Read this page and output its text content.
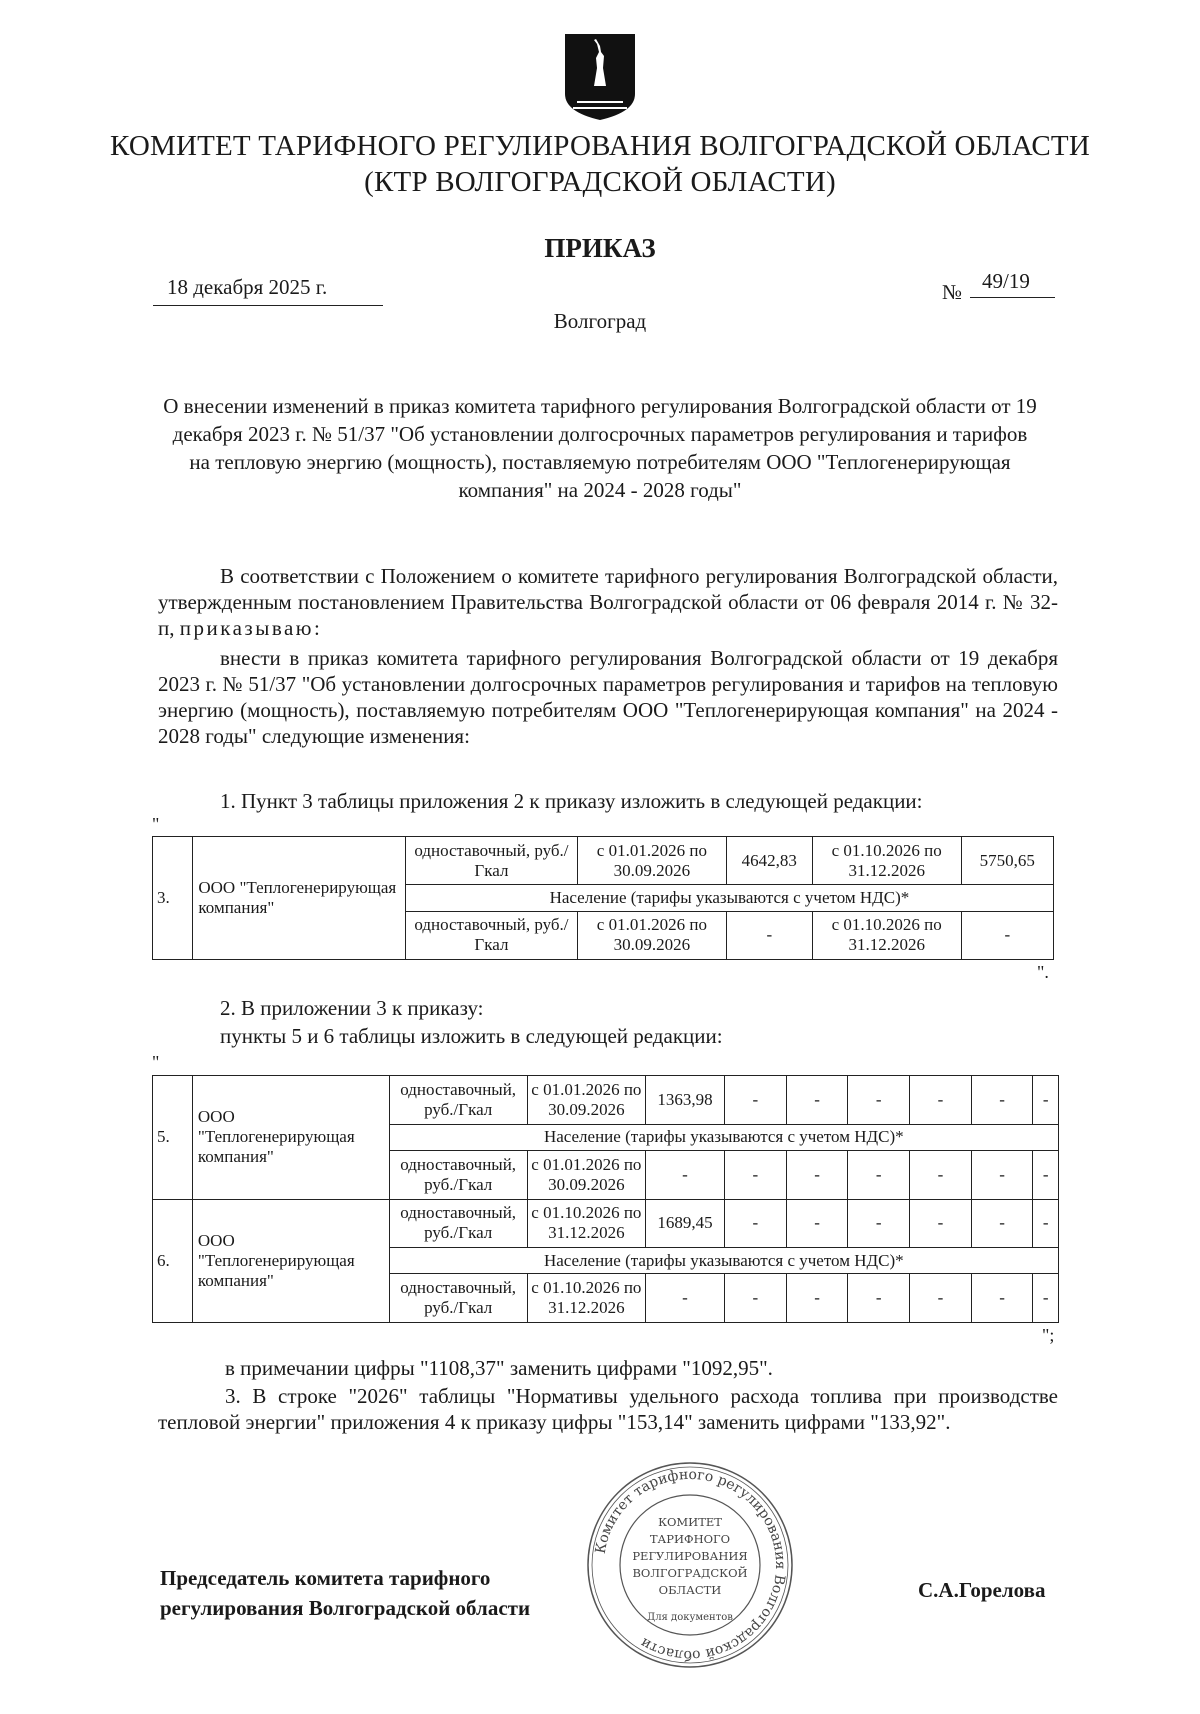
КОМИТЕТ ТАРИФНОГО РЕГУЛИРОВАНИЯ ВОЛГОГРАДСКОЙ ОБЛАСТИ
(КТР ВОЛГОГРАДСКОЙ ОБЛАСТИ)
ПРИКАЗ
18 декабря 2025 г.	№ 49/19
Волгоград
О внесении изменений в приказ комитета тарифного регулирования Волгоградской области от 19 декабря 2023 г. № 51/37 "Об установлении долгосрочных параметров регулирования и тарифов на тепловую энергию (мощность), поставляемую потребителям ООО "Теплогенерирующая компания" на 2024 - 2028 годы"
В соответствии с Положением о комитете тарифного регулирования Волгоградской области, утвержденным постановлением Правительства Волгоградской области от 06 февраля 2014 г. № 32-п, приказываю:
внести в приказ комитета тарифного регулирования Волгоградской области от 19 декабря 2023 г. № 51/37 "Об установлении долгосрочных параметров регулирования и тарифов на тепловую энергию (мощность), поставляемую потребителям ООО "Теплогенерирующая компания" на 2024 - 2028 годы" следующие изменения:
1. Пункт 3 таблицы приложения 2 к приказу изложить в следующей редакции:
"
3.	ООО "Теплогенерирующая компания"	одноставочный, руб./Гкал	с 01.01.2026 по 30.09.2026	4642,83	с 01.10.2026 по 31.12.2026	5750,65
		Население (тарифы указываются с учетом НДС)*				
		одноставочный, руб./Гкал	с 01.01.2026 по 30.09.2026	-	с 01.10.2026 по 31.12.2026	-
".
2. В приложении 3 к приказу:
пункты 5 и 6 таблицы изложить в следующей редакции:
"
5.	ООО "Теплогенерирующая компания"	одноставочный, руб./Гкал	с 01.01.2026 по 30.09.2026	1363,98	-	-	-	-	-	-
		Население (тарифы указываются с учетом НДС)*								
		одноставочный, руб./Гкал	с 01.01.2026 по 30.09.2026	-	-	-	-	-	-	-
6.	ООО "Теплогенерирующая компания"	одноставочный, руб./Гкал	с 01.10.2026 по 31.12.2026	1689,45	-	-	-	-	-	-
		Население (тарифы указываются с учетом НДС)*								
		одноставочный, руб./Гкал	с 01.10.2026 по 31.12.2026	-	-	-	-	-	-	-
";
в примечании цифры "1108,37" заменить цифрами "1092,95".
3. В строке "2026" таблицы "Нормативы удельного расхода топлива при производстве тепловой энергии" приложения 4 к приказу цифры "153,14" заменить цифрами "133,92".
Комитет тарифного регулирования Волгоградской области
КОМИТЕТ
ТАРИФНОГО
РЕГУЛИРОВАНИЯ
ВОЛГОГРАДСКОЙ
ОБЛАСТИ
Для документов
Председатель комитета тарифного
регулирования Волгоградской области
С.А.Горелова
